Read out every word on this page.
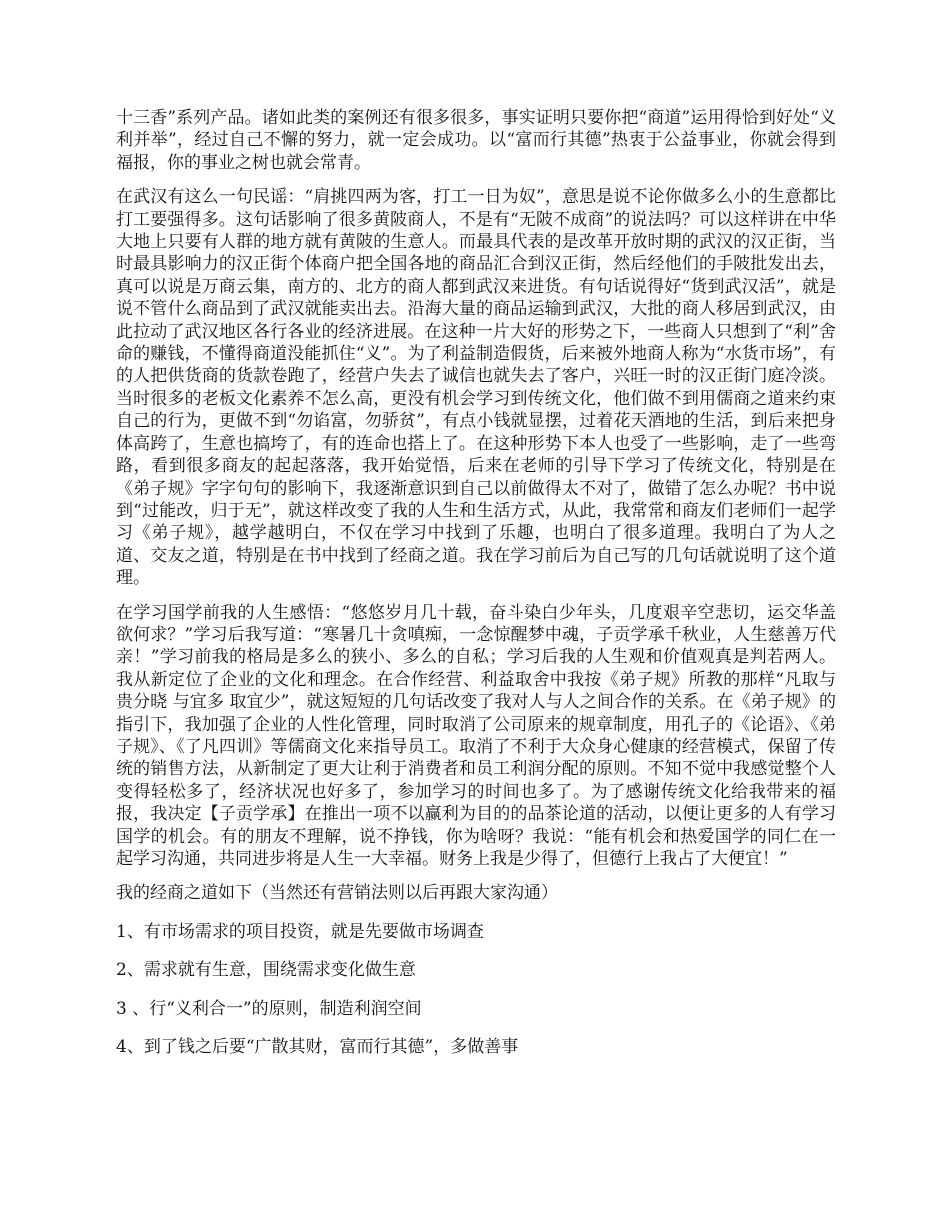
十三香”系列产品。诸如此类的案例还有很多很多，事实证明只要你把“商道”运用得恰到好处“义利并举”，经过自己不懈的努力，就一定会成功。以“富而行其德”热衷于公益事业，你就会得到福报，你的事业之树也就会常青。

在武汉有这么一句民谣：“肩挑四两为客，打工一日为奴”，意思是说不论你做多么小的生意都比打工要强得多。这句话影响了很多黄陂商人，不是有“无陂不成商”的说法吗？可以这样讲在中华大地上只要有人群的地方就有黄陂的生意人。而最具代表的是改革开放时期的武汉的汉正街，当时最具影响力的汉正街个体商户把全国各地的商品汇合到汉正街，然后经他们的手陂批发出去，真可以说是万商云集，南方的、北方的商人都到武汉来进货。有句话说得好“货到武汉活”，就是说不管什么商品到了武汉就能卖出去。沿海大量的商品运输到武汉，大批的商人移居到武汉，由此拉动了武汉地区各行各业的经济进展。在这种一片大好的形势之下，一些商人只想到了“利”舍命的赚钱，不懂得商道没能抓住“义”。为了利益制造假货，后来被外地商人称为“水货市场”，有的人把供货商的货款卷跑了，经营户失去了诚信也就失去了客户，兴旺一时的汉正街门庭冷淡。当时很多的老板文化素养不怎么高，更没有机会学习到传统文化，他们做不到用儒商之道来约束自己的行为，更做不到“勿谄富，勿骄贫”，有点小钱就显摆，过着花天酒地的生活，到后来把身体高跨了，生意也搞垮了，有的连命也搭上了。在这种形势下本人也受了一些影响，走了一些弯路，看到很多商友的起起落落，我开始觉悟，后来在老师的引导下学习了传统文化，特别是在《弟子规》字字句句的影响下，我逐渐意识到自己以前做得太不对了，做错了怎么办呢？书中说到“过能改，归于无”，就这样改变了我的人生和生活方式，从此，我常常和商友们老师们一起学习《弟子规》，越学越明白，不仅在学习中找到了乐趣，也明白了很多道理。我明白了为人之道、交友之道，特别是在书中找到了经商之道。我在学习前后为自己写的几句话就说明了这个道理。

在学习国学前我的人生感悟：“悠悠岁月几十载，奋斗染白少年头，几度艰辛空悲切，运交华盖欲何求？”学习后我写道：“寒暑几十贪嗔痴，一念惊醒梦中魂，子贡学承千秋业，人生慈善万代亲！”学习前我的格局是多么的狭小、多么的自私；学习后我的人生观和价值观真是判若两人。我从新定位了企业的文化和理念。在合作经营、利益取舍中我按《弟子规》所教的那样“凡取与 贵分晓 与宜多 取宜少”，就这短短的几句话改变了我对人与人之间合作的关系。在《弟子规》的指引下，我加强了企业的人性化管理，同时取消了公司原来的规章制度，用孔子的《论语》、《弟子规》、《了凡四训》等儒商文化来指导员工。取消了不利于大众身心健康的经营模式，保留了传统的销售方法，从新制定了更大让利于消费者和员工利润分配的原则。不知不觉中我感觉整个人变得轻松多了，经济状况也好多了，参加学习的时间也多了。为了感谢传统文化给我带来的福报，我决定【子贡学承】在推出一项不以赢利为目的的品茶论道的活动，以便让更多的人有学习国学的机会。有的朋友不理解，说不挣钱，你为啥呀？我说：“能有机会和热爱国学的同仁在一起学习沟通，共同进步将是人生一大幸福。财务上我是少得了，但德行上我占了大便宜！”

我的经商之道如下（当然还有营销法则以后再跟大家沟通）

1、有市场需求的项目投资，就是先要做市场调查

2、需求就有生意，围绕需求变化做生意

3 、行“义利合一”的原则，制造利润空间

4、到了钱之后要“广散其财，富而行其德”，多做善事
